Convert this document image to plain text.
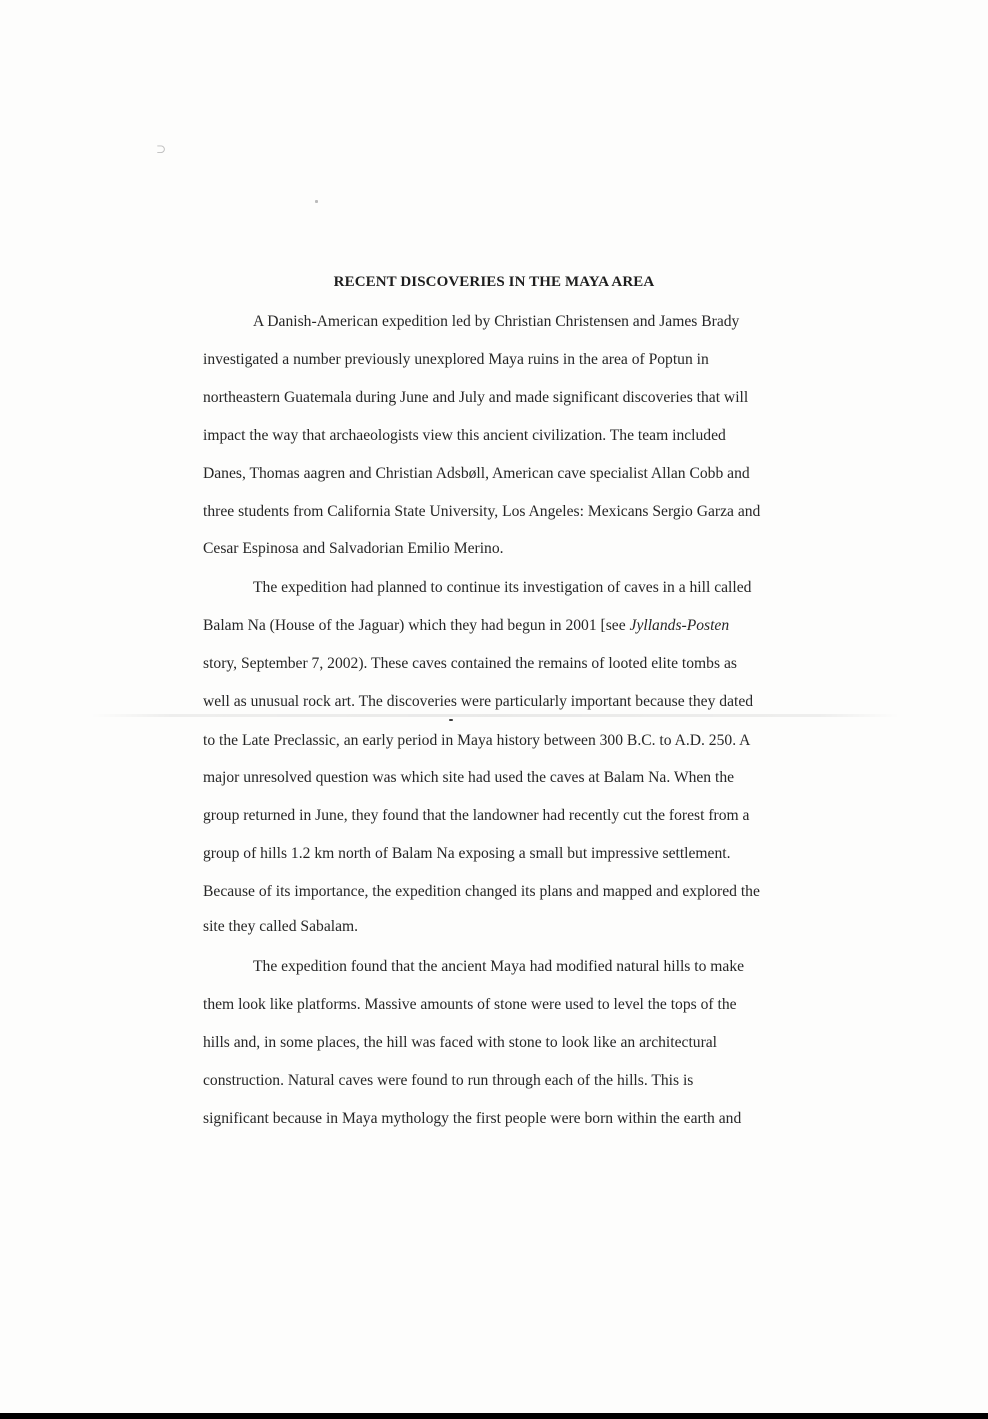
⊃
RECENT DISCOVERIES IN THE MAYA AREA
A Danish-American expedition led by Christian Christensen and James Brady
investigated a number previously unexplored Maya ruins in the area of Poptun in
northeastern Guatemala during June and July and made significant discoveries that will
impact the way that archaeologists view this ancient civilization. The team included
Danes, Thomas aagren and Christian Adsbøll, American cave specialist Allan Cobb and
three students from California State University, Los Angeles: Mexicans Sergio Garza and
Cesar Espinosa and Salvadorian Emilio Merino.
The expedition had planned to continue its investigation of caves in a hill called
Balam Na (House of the Jaguar) which they had begun in 2001 [see Jyllands-Posten
story, September 7, 2002). These caves contained the remains of looted elite tombs as
well as unusual rock art. The discoveries were particularly important because they dated
to the Late Preclassic, an early period in Maya history between 300 B.C. to A.D. 250. A
major unresolved question was which site had used the caves at Balam Na. When the
group returned in June, they found that the landowner had recently cut the forest from a
group of hills 1.2 km north of Balam Na exposing a small but impressive settlement.
Because of its importance, the expedition changed its plans and mapped and explored the
site they called Sabalam.
The expedition found that the ancient Maya had modified natural hills to make
them look like platforms. Massive amounts of stone were used to level the tops of the
hills and, in some places, the hill was faced with stone to look like an architectural
construction. Natural caves were found to run through each of the hills. This is
significant because in Maya mythology the first people were born within the earth and
